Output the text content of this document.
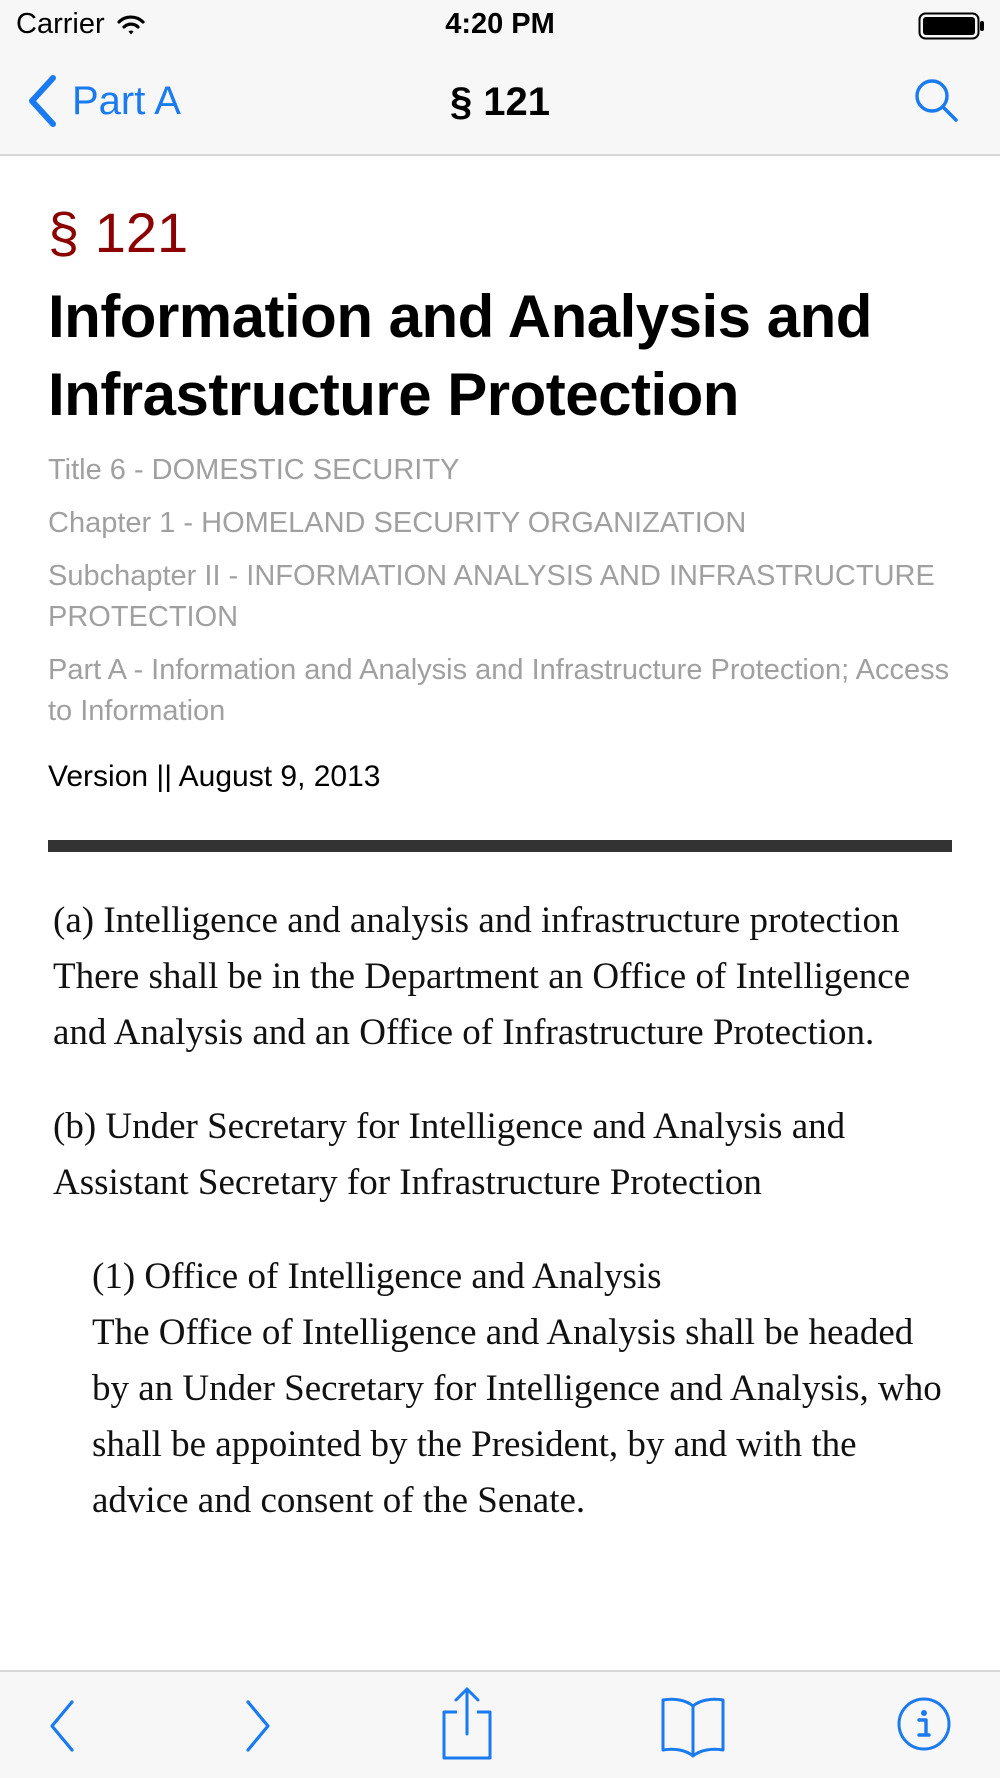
Carrier	4:20 PM
Part A	§ 121

§ 121

Information and Analysis and Infrastructure Protection

Title 6 - DOMESTIC SECURITY

Chapter 1 - HOMELAND SECURITY ORGANIZATION

Subchapter II - INFORMATION ANALYSIS AND INFRASTRUCTURE PROTECTION

Part A - Information and Analysis and Infrastructure Protection; Access to Information

Version || August 9, 2013

(a) Intelligence and analysis and infrastructure protection

There shall be in the Department an Office of Intelligence and Analysis and an Office of Infrastructure Protection.

(b) Under Secretary for Intelligence and Analysis and Assistant Secretary for Infrastructure Protection

(1) Office of Intelligence and Analysis

The Office of Intelligence and Analysis shall be headed by an Under Secretary for Intelligence and Analysis, who shall be appointed by the President, by and with the advice and consent of the Senate.
